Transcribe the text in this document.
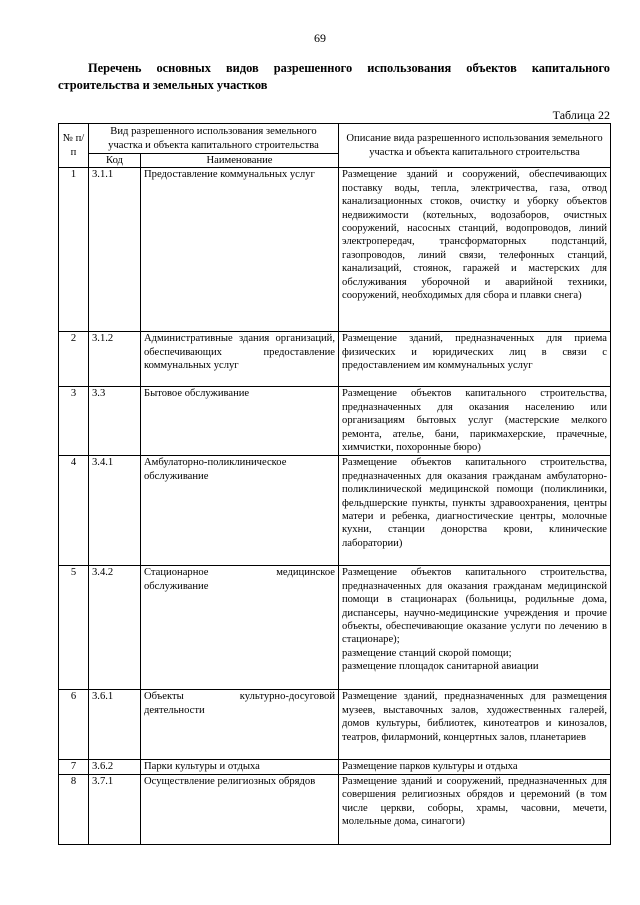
69
Перечень основных видов разрешенного использования объектов капитального строительства и земельных участков
Таблица 22
№ п/п	Вид разрешенного использования земельного участка и объекта капитального строительства		Описание вида разрешенного использования земельного участка и объекта капитального строительства
	Код	Наименование	
1	3.1.1	Предоставление коммунальных услуг	Размещение зданий и сооружений, обеспечивающих поставку воды, тепла, электричества, газа, отвод канализационных стоков, очистку и уборку объектов недвижимости (котельных, водозаборов, очистных сооружений, насосных станций, водопроводов, линий электропередач, трансформаторных подстанций, газопроводов, линий связи, телефонных станций, канализаций, стоянок, гаражей и мастерских для обслуживания уборочной и аварийной техники, сооружений, необходимых для сбора и плавки снега)
2	3.1.2	Административные здания организаций, обеспечивающих предоставление коммунальных услуг	Размещение зданий, предназначенных для приема физических и юридических лиц в связи с предоставлением им коммунальных услуг
3	3.3	Бытовое обслуживание	Размещение объектов капитального строительства, предназначенных для оказания населению или организациям бытовых услуг (мастерские мелкого ремонта, ателье, бани, парикмахерские, прачечные, химчистки, похоронные бюро)
4	3.4.1	Амбулаторно-поликлиническое обслуживание	Размещение объектов капитального строительства, предназначенных для оказания гражданам амбулаторно-поликлинической медицинской помощи (поликлиники, фельдшерские пункты, пункты здравоохранения, центры матери и ребенка, диагностические центры, молочные кухни, станции донорства крови, клинические лаборатории)
5	3.4.2	Стационарное медицинское обслуживание	Размещение объектов капитального строительства, предназначенных для оказания гражданам медицинской помощи в стационарах (больницы, родильные дома, диспансеры, научно-медицинские учреждения и прочие объекты, обеспечивающие оказание услуги по лечению в стационаре);
размещение станций скорой помощи;
размещение площадок санитарной авиации

6	3.6.1	Объекты культурно-досуговой деятельности	Размещение зданий, предназначенных для размещения музеев, выставочных залов, художественных галерей, домов культуры, библиотек, кинотеатров и кинозалов, театров, филармоний, концертных залов, планетариев
7	3.6.2	Парки культуры и отдыха	Размещение парков культуры и отдыха
8	3.7.1	Осуществление религиозных обрядов	Размещение зданий и сооружений, предназначенных для совершения религиозных обрядов и церемоний (в том числе церкви, соборы, храмы, часовни, мечети, молельные дома, синагоги)
